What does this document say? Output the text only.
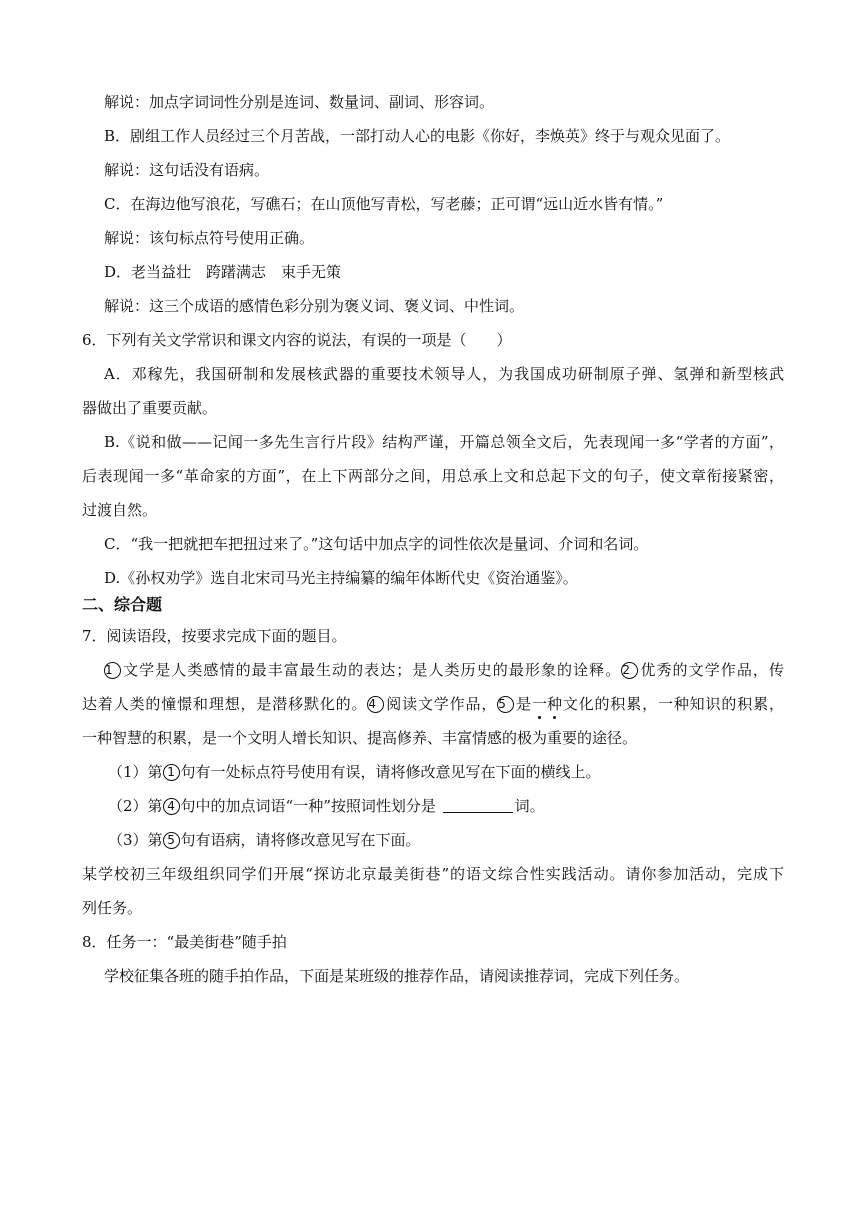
解说：加点字词词性分别是连词、数量词、副词、形容词。
B．剧组工作人员经过三个月苦战，一部打动人心的电影《你好，李焕英》终于与观众见面了。
解说：这句话没有语病。
C．在海边他写浪花，写礁石；在山顶他写青松，写老藤；正可谓“远山近水皆有情。”
解说：该句标点符号使用正确。
D．老当益壮　跨躇满志　束手无策
解说：这三个成语的感情色彩分别为褒义词、褒义词、中性词。
6．下列有关文学常识和课文内容的说法，有误的一项是（　　）
A．邓稼先，我国研制和发展核武器的重要技术领导人，为我国成功研制原子弹、氢弹和新型核武
器做出了重要贡献。
B.《说和做——记闻一多先生言行片段》结构严谨，开篇总领全文后，先表现闻一多“学者的方面”，
后表现闻一多“革命家的方面”，在上下两部分之间，用总承上文和总起下文的句子，使文章衔接紧密，
过渡自然。
C．“我一把就把车把扭过来了。”这句话中加点字的词性依次是量词、介词和名词。
D.《孙权劝学》选自北宋司马光主持编纂的编年体断代史《资治通鉴》。
二、综合题
7．阅读语段，按要求完成下面的题目。
1 文学是人类感情的最丰富最生动的表达；是人类历史的最形象的诠释。2 优秀的文学作品，传
达着人类的憧憬和理想，是潜移默化的。4 阅读文学作品，5 是一种文化的积累，一种知识的积累，
一种智慧的积累，是一个文明人增长知识、提高修养、丰富情感的极为重要的途径。
（1）第 1 句有一处标点符号使用有误，请将修改意见写在下面的横线上。
（2）第 4 句中的加点词语“一种”按照词性划分是	词。
（3）第 5 句有语病，请将修改意见写在下面。
某学校初三年级组织同学们开展“探访北京最美街巷”的语文综合性实践活动。请你参加活动，完成下
列任务。
8．任务一：“最美街巷”随手拍
学校征集各班的随手拍作品，下面是某班级的推荐作品，请阅读推荐词，完成下列任务。
